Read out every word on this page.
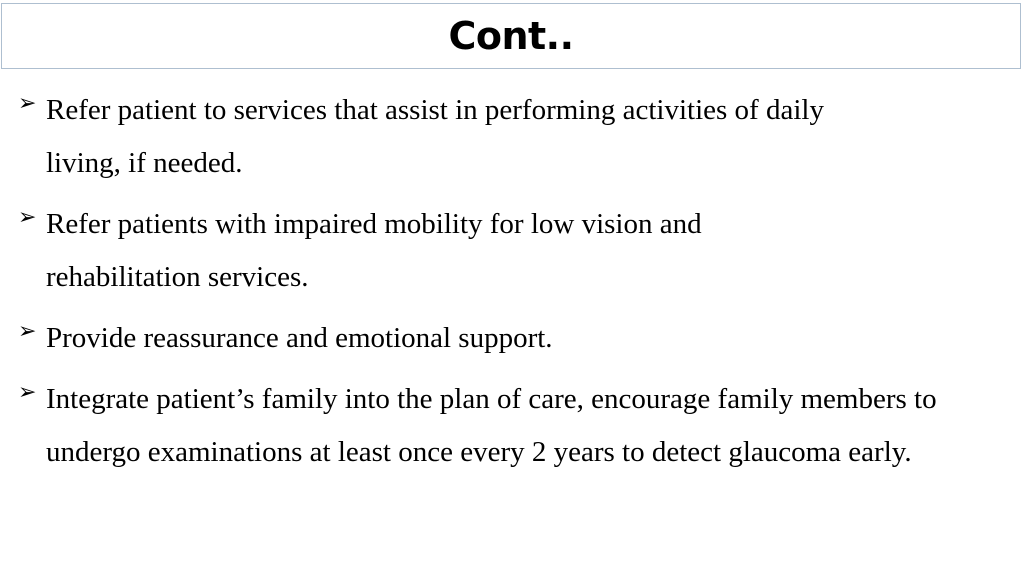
Cont..
➢ Refer patient to services that assist in performing activities of daily living, if needed.
➢ Refer patients with impaired mobility for low vision and rehabilitation services.
➢ Provide reassurance and emotional support.
➢ Integrate patient’s family into the plan of care, encourage family members to undergo examinations at least once every 2 years to detect glaucoma early.
